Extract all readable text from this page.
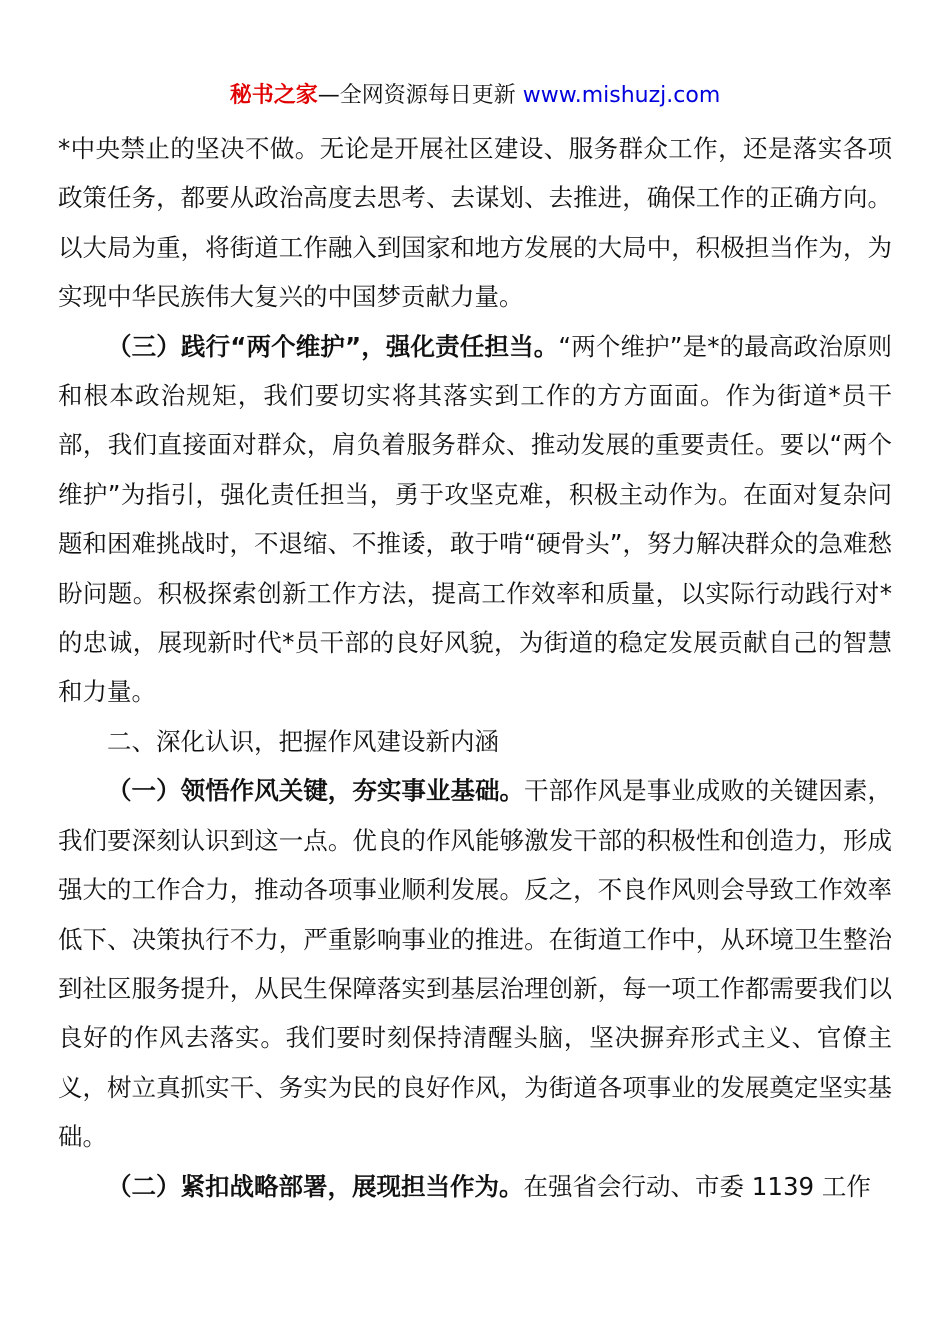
秘书之家—全网资源每日更新 www.mishuzj.com

*中央禁止的坚决不做。无论是开展社区建设、服务群众工作，还是落实各项政策任务，都要从政治高度去思考、去谋划、去推进，确保工作的正确方向。以大局为重，将街道工作融入到国家和地方发展的大局中，积极担当作为，为实现中华民族伟大复兴的中国梦贡献力量。

（三）践行“两个维护”，强化责任担当。“两个维护”是*的最高政治原则和根本政治规矩，我们要切实将其落实到工作的方方面面。作为街道*员干部，我们直接面对群众，肩负着服务群众、推动发展的重要责任。要以“两个维护”为指引，强化责任担当，勇于攻坚克难，积极主动作为。在面对复杂问题和困难挑战时，不退缩、不推诿，敢于啃“硬骨头”，努力解决群众的急难愁盼问题。积极探索创新工作方法，提高工作效率和质量，以实际行动践行对*的忠诚，展现新时代*员干部的良好风貌，为街道的稳定发展贡献自己的智慧和力量。

二、深化认识，把握作风建设新内涵

（一）领悟作风关键，夯实事业基础。干部作风是事业成败的关键因素，我们要深刻认识到这一点。优良的作风能够激发干部的积极性和创造力，形成强大的工作合力，推动各项事业顺利发展。反之，不良作风则会导致工作效率低下、决策执行不力，严重影响事业的推进。在街道工作中，从环境卫生整治到社区服务提升，从民生保障落实到基层治理创新，每一项工作都需要我们以良好的作风去落实。我们要时刻保持清醒头脑，坚决摒弃形式主义、官僚主义，树立真抓实干、务实为民的良好作风，为街道各项事业的发展奠定坚实基础。

（二）紧扣战略部署，展现担当作为。在强省会行动、市委 1139 工作
